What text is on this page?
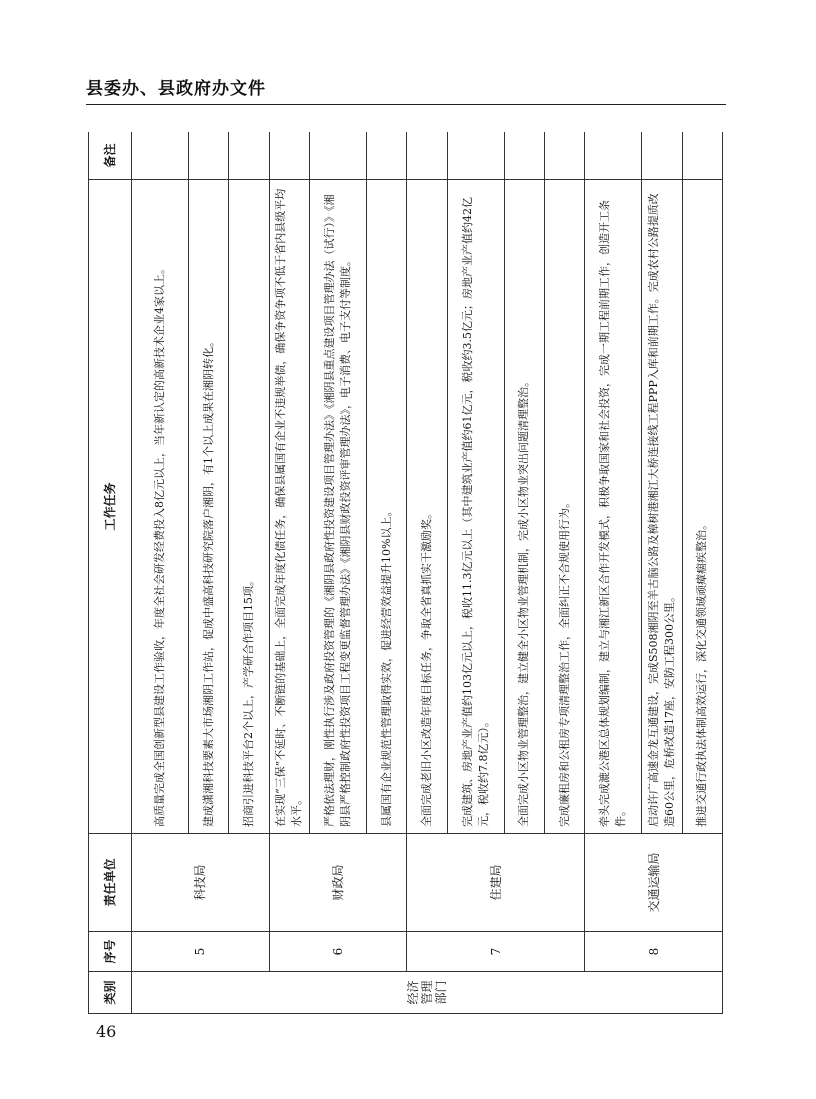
县委办、县政府办文件
类别	序号	责任单位	工作任务	备注
经济管理部门	5	科技局	高质量完成全国创新型县建设工作验收，年度全社会研发经费投入8亿元以上，当年新认定的高新技术企业4家以上。	
			建成潇湘科技要素大市场湘阴工作站，促成中盛高科技研究院落户湘阴，有1个以上成果在湘阴转化。	
			招商引进科技平台2个以上，产学研合作项目15项。	
	6	财政局	在实现“三保”不延时、不断链的基础上，全面完成年度化债任务，确保县属国有企业不违规举债，确保争资争项不低于省内县级平均水平。	
			严格依法理财，刚性执行涉及政府投资管理的《湘阴县政府性投资建设项目管理办法》《湘阴县重点建设项目管理办法（试行）》《湘阴县严格控制政府性投资项目工程变更监督管理办法》《湘阴县财政投资评审管理办法》，电子消费、电子支付等制度。	
			县属国有企业规范性管理取得实效，促进经营效益提升10%以上。	
	7	住建局	全面完成老旧小区改造年度目标任务，争取全省真抓实干激励奖。	
			完成建筑、房地产业产值约103亿元以上，税收11.3亿元以上（其中建筑业产值约61亿元，税收约3.5亿元；房地产业产值约42亿元，税收约7.8亿元）。	
			全面完成小区物业管理整治，建立健全小区物业管理机制，完成小区物业突出问题清理整治。	
			完成廉租房和公租房专项清理整治工作，全面纠正不合规使用行为。	
	8	交通运输局	牵头完成漉公港区总体规划编制，建立与湘江新区合作开发模式，积极争取国家和社会投资，完成一期工程前期工作，创造开工条件。	
			启动许广高速金龙互通建设，完成S508湘阴至羊古脑公路及樟树港湘江大桥连接线工程PPP入库和前期工作。完成农村公路提质改造60公里，危桥改造17座，安防工程300公里。	
			推进交通行政执法体制高效运行，深化交通领域顽瘴痼疾整治。	
46
